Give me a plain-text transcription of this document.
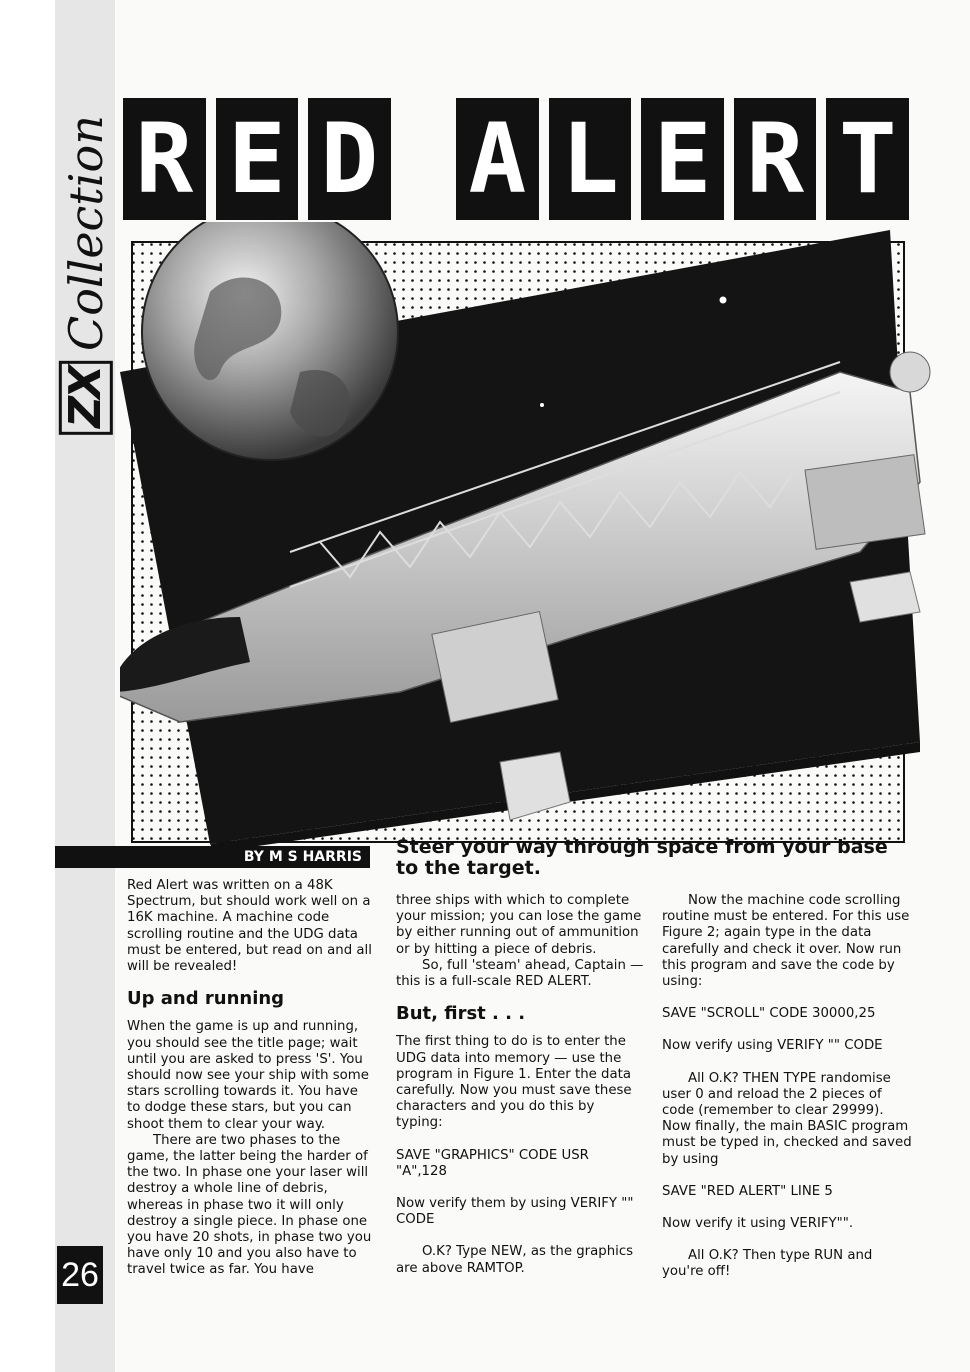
ZX
Collection R E D A L E R T
BY M S HARRIS Steer your way through space from your base to the target.

Red Alert was written on a 48K Spectrum, but should work well on a 16K machine. A machine code scrolling routine and the UDG data must be entered, but read on and all will be revealed!

Up and running

When the game is up and running, you should see the title page; wait until you are asked to press 'S'. You should now see your ship with some stars scrolling towards it. You have to dodge these stars, but you can shoot them to clear your way.

There are two phases to the game, the latter being the harder of the two. In phase one your laser will destroy a whole line of debris, whereas in phase two it will only destroy a single piece. In phase one you have 20 shots, in phase two you have only 10 and you also have to travel twice as far. You have

three ships with which to complete your mission; you can lose the game by either running out of ammunition or by hitting a piece of debris.

So, full 'steam' ahead, Captain — this is a full-scale RED ALERT.

But, first . . .

The first thing to do is to enter the UDG data into memory — use the program in Figure 1. Enter the data carefully. Now you must save these characters and you do this by typing:

SAVE "GRAPHICS" CODE USR "A",128

Now verify them by using VERIFY "" CODE

O.K? Type NEW, as the graphics are above RAMTOP.

Now the machine code scrolling routine must be entered. For this use Figure 2; again type in the data carefully and check it over. Now run this program and save the code by using:

SAVE "SCROLL" CODE 30000,25

Now verify using VERIFY "" CODE

All O.K? THEN TYPE randomise user 0 and reload the 2 pieces of code (remember to clear 29999). Now finally, the main BASIC program must be typed in, checked and saved by using

SAVE "RED ALERT" LINE 5

Now verify it using VERIFY"".

All O.K? Then type RUN and you're off!

26
